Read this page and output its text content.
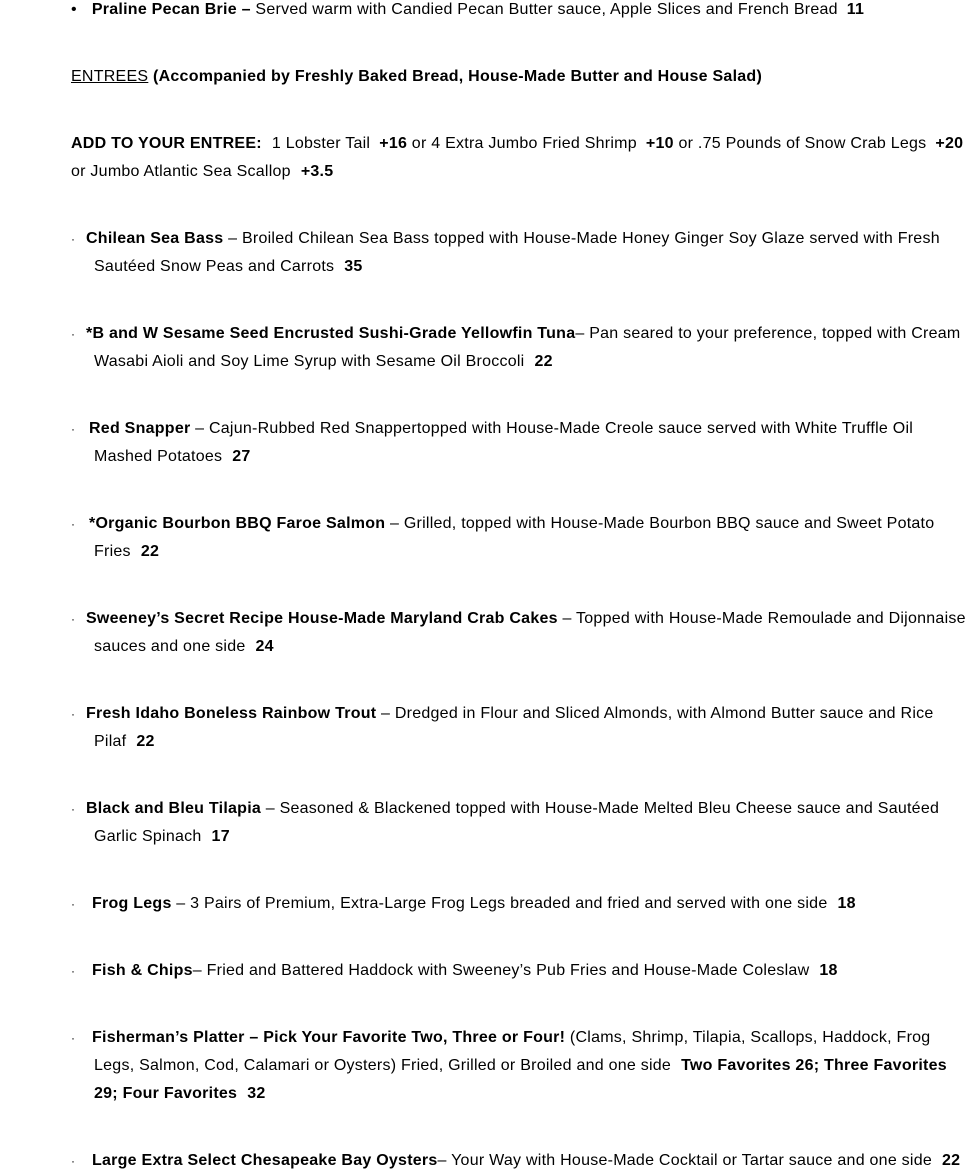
• Praline Pecan Brie – Served warm with Candied Pecan Butter sauce, Apple Slices and French Bread 11
ENTREES (Accompanied by Freshly Baked Bread, House-Made Butter and House Salad)
ADD TO YOUR ENTREE: 1 Lobster Tail +16 or 4 Extra Jumbo Fried Shrimp +10 or .75 Pounds of Snow Crab Legs +20
or Jumbo Atlantic Sea Scallop +3.5
· Chilean Sea Bass – Broiled Chilean Sea Bass topped with House-Made Honey Ginger Soy Glaze served with Fresh
Sautéed Snow Peas and Carrots 35
· *B and W Sesame Seed Encrusted Sushi-Grade Yellowfin Tuna– Pan seared to your preference, topped with Cream
Wasabi Aioli and Soy Lime Syrup with Sesame Oil Broccoli 22
· Red Snapper – Cajun-Rubbed Red Snappertopped with House-Made Creole sauce served with White Truffle Oil
Mashed Potatoes 27
· *Organic Bourbon BBQ Faroe Salmon – Grilled, topped with House-Made Bourbon BBQ sauce and Sweet Potato
Fries 22
· Sweeney’s Secret Recipe House-Made Maryland Crab Cakes – Topped with House-Made Remoulade and Dijonnaise
sauces and one side 24
· Fresh Idaho Boneless Rainbow Trout – Dredged in Flour and Sliced Almonds, with Almond Butter sauce and Rice
Pilaf 22
· Black and Bleu Tilapia – Seasoned & Blackened topped with House-Made Melted Bleu Cheese sauce and Sautéed
Garlic Spinach 17
· Frog Legs – 3 Pairs of Premium, Extra-Large Frog Legs breaded and fried and served with one side 18
· Fish & Chips– Fried and Battered Haddock with Sweeney’s Pub Fries and House-Made Coleslaw 18
· Fisherman’s Platter – Pick Your Favorite Two, Three or Four! (Clams, Shrimp, Tilapia, Scallops, Haddock, Frog
Legs, Salmon, Cod, Calamari or Oysters) Fried, Grilled or Broiled and one side Two Favorites 26; Three Favorites
29; Four Favorites 32
· Large Extra Select Chesapeake Bay Oysters– Your Way with House-Made Cocktail or Tartar sauce and one side 22
